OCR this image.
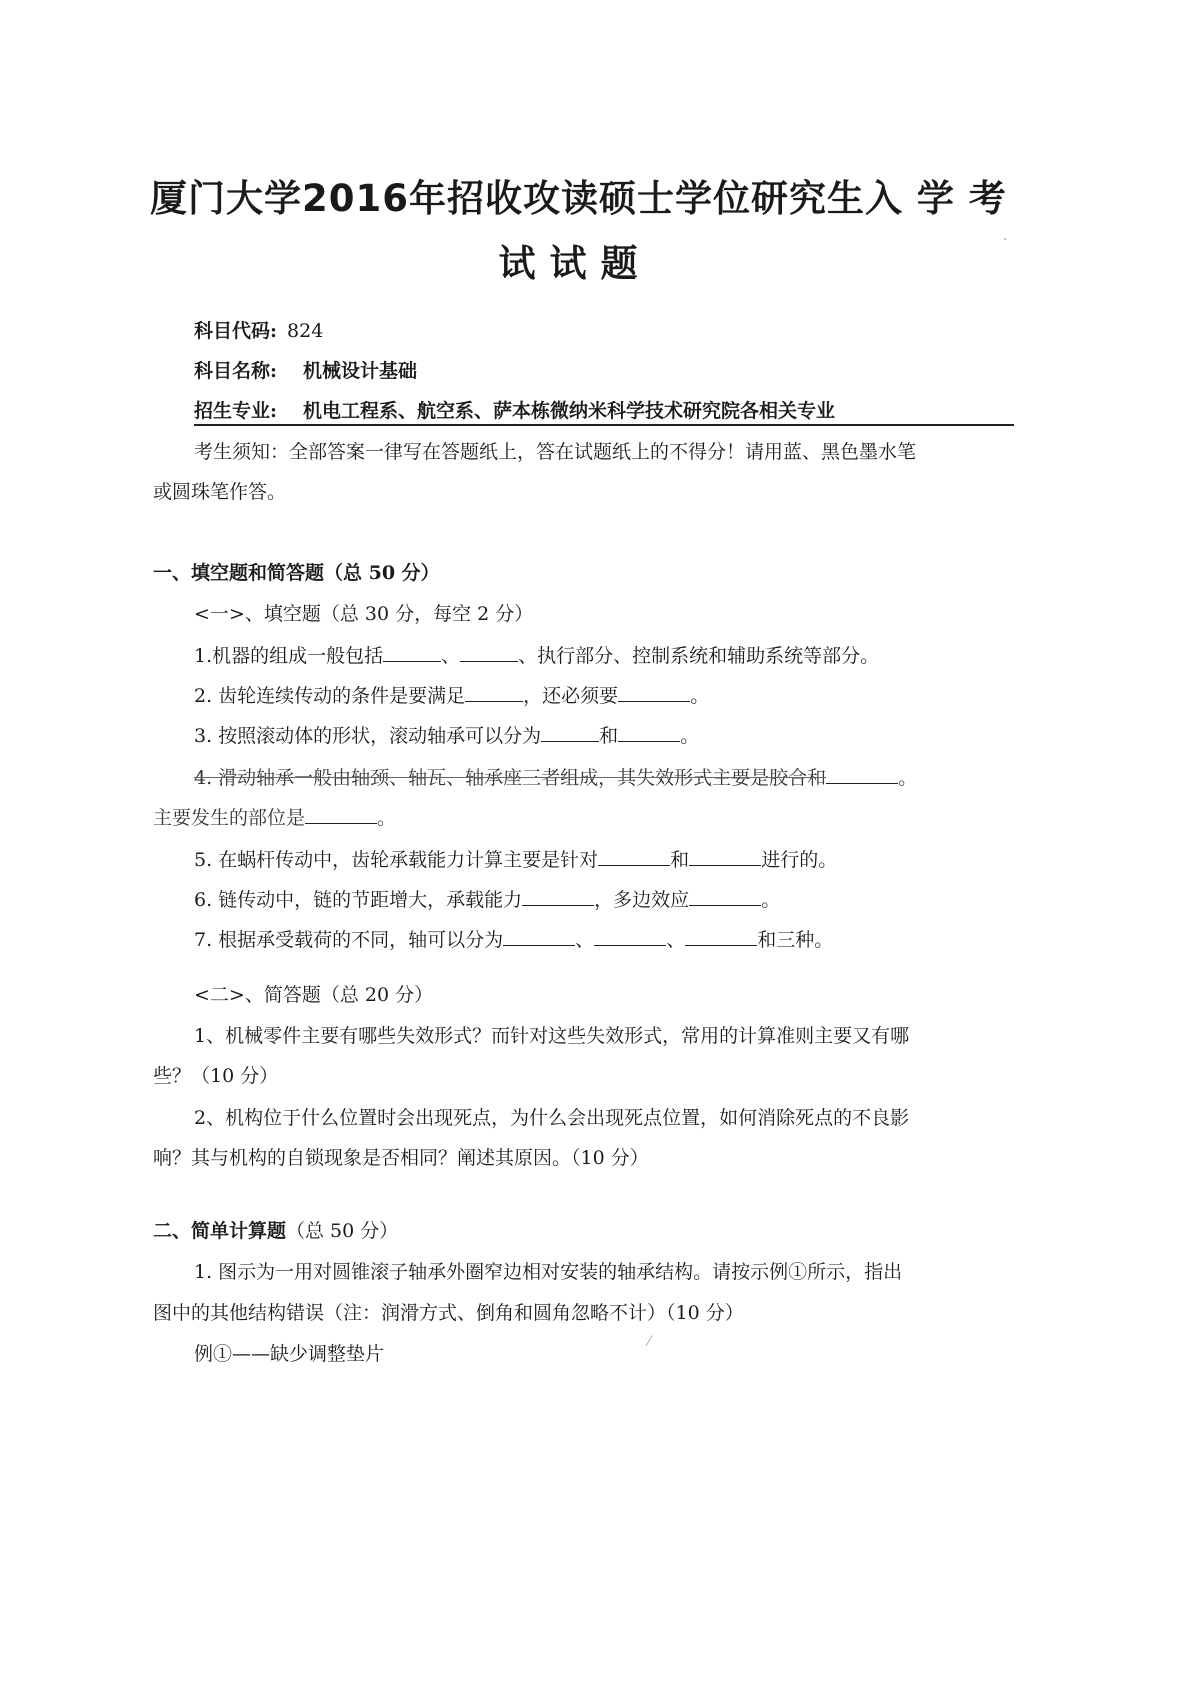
厦门大学2016年招收攻读硕士学位研究生入 学 考
试试题
科目代码: 824
科目名称: 机械设计基础
招生专业: 机电工程系、航空系、萨本栋微纳米科学技术研究院各相关专业
考生须知：全部答案一律写在答题纸上，答在试题纸上的不得分！请用蓝、黑色墨水笔
或圆珠笔作答。
一、填空题和简答题（总 50 分）
<一>、填空题（总 30 分，每空 2 分）
1.机器的组成一般包括	、	、执行部分、控制系统和辅助系统等部分。
2. 齿轮连续传动的条件是要满足	，还必须要	。
3. 按照滚动体的形状，滚动轴承可以分为	和	。
4. 滑动轴承一般由轴颈、轴瓦、轴承座三者组成，其失效形式主要是胶合和	。
主要发生的部位是	。
5. 在蜗杆传动中，齿轮承载能力计算主要是针对	和	进行的。
6. 链传动中，链的节距增大，承载能力	，多边效应	。
7. 根据承受载荷的不同，轴可以分为	、	、	和三种。
<二>、简答题（总 20 分）
1、机械零件主要有哪些失效形式？而针对这些失效形式，常用的计算准则主要又有哪
些？（10 分）
2、机构位于什么位置时会出现死点，为什么会出现死点位置，如何消除死点的不良影
响？其与机构的自锁现象是否相同？阐述其原因。（10 分）
二、简单计算题（总 50 分）
1. 图示为一用对圆锥滚子轴承外圈窄边相对安装的轴承结构。请按示例①所示，指出
图中的其他结构错误（注：润滑方式、倒角和圆角忽略不计）（10 分）
例①——缺少调整垫片
·
⁄
